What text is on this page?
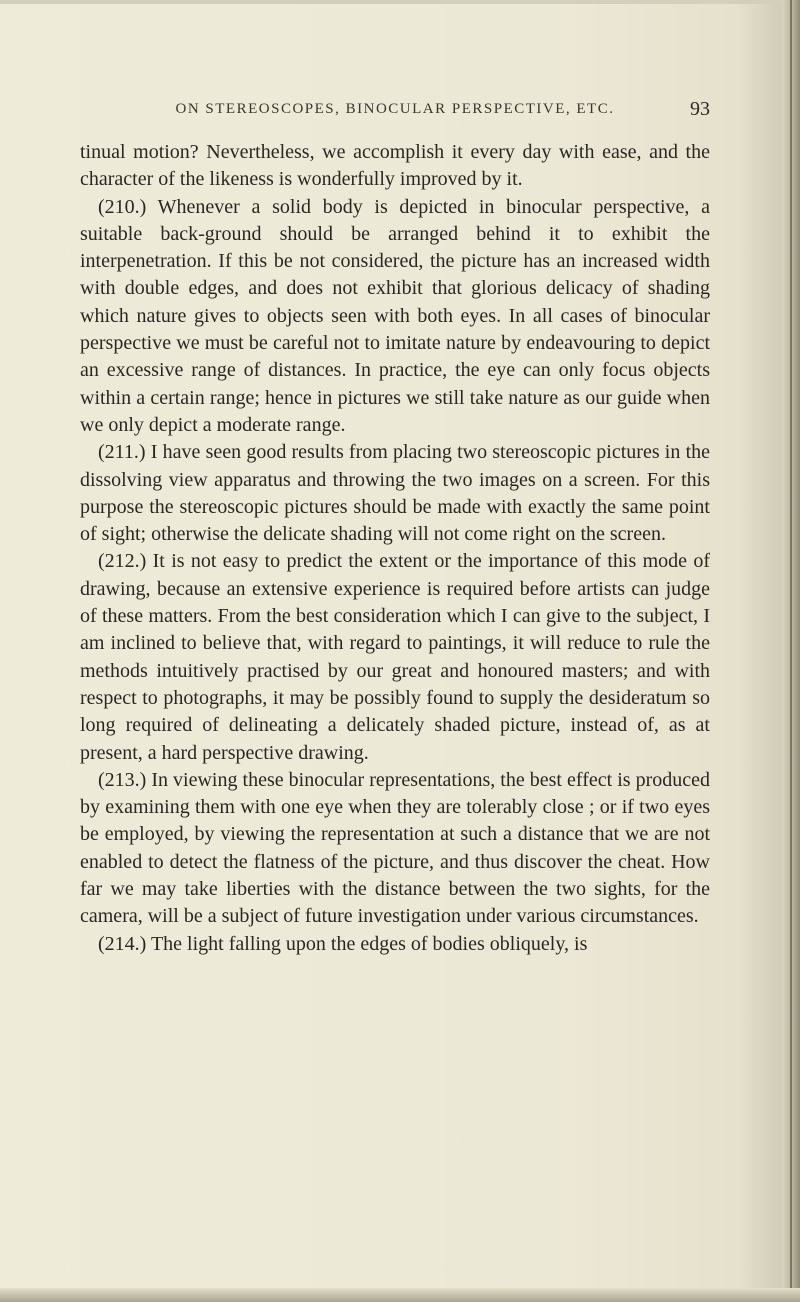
ON STEREOSCOPES, BINOCULAR PERSPECTIVE, ETC.	93

tinual motion? Nevertheless, we accomplish it every day with ease, and the character of the likeness is wonderfully improved by it.

(210.) Whenever a solid body is depicted in binocular perspective, a suitable back-ground should be arranged behind it to exhibit the interpenetration. If this be not considered, the picture has an increased width with double edges, and does not exhibit that glorious delicacy of shading which nature gives to objects seen with both eyes. In all cases of binocular perspective we must be careful not to imitate nature by endeavouring to depict an excessive range of distances. In practice, the eye can only focus objects within a certain range; hence in pictures we still take nature as our guide when we only depict a moderate range.

(211.) I have seen good results from placing two stereoscopic pictures in the dissolving view apparatus and throwing the two images on a screen. For this purpose the stereoscopic pictures should be made with exactly the same point of sight; otherwise the delicate shading will not come right on the screen.

(212.) It is not easy to predict the extent or the importance of this mode of drawing, because an extensive experience is required before artists can judge of these matters. From the best consideration which I can give to the subject, I am inclined to believe that, with regard to paintings, it will reduce to rule the methods intuitively practised by our great and honoured masters; and with respect to photographs, it may be possibly found to supply the desideratum so long required of delineating a delicately shaded picture, instead of, as at present, a hard perspective drawing.

(213.) In viewing these binocular representations, the best effect is produced by examining them with one eye when they are tolerably close ; or if two eyes be employed, by viewing the representation at such a distance that we are not enabled to detect the flatness of the picture, and thus discover the cheat. How far we may take liberties with the distance between the two sights, for the camera, will be a subject of future investigation under various circumstances.

(214.) The light falling upon the edges of bodies obliquely, is
